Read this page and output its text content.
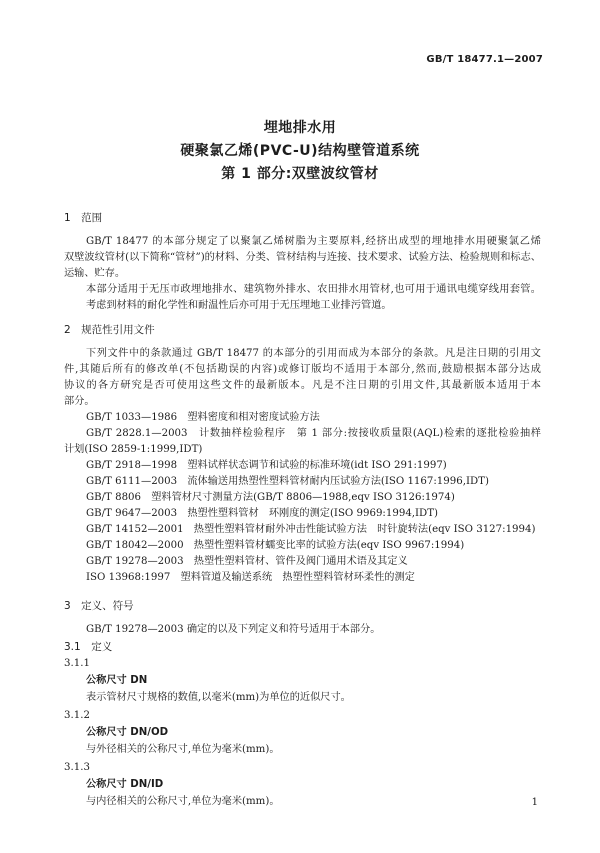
GB/T 18477.1—2007
埋地排水用
硬聚氯乙烯(PVC-U)结构壁管道系统
第 1 部分:双壁波纹管材
1　范围
GB/T 18477 的本部分规定了以聚氯乙烯树脂为主要原料,经挤出成型的埋地排水用硬聚氯乙烯
双壁波纹管材(以下简称“管材”)的材料、分类、管材结构与连接、技术要求、试验方法、检验规则和标志、
运输、贮存。
本部分适用于无压市政埋地排水、建筑物外排水、农田排水用管材,也可用于通讯电缆穿线用套管。
考虑到材料的耐化学性和耐温性后亦可用于无压埋地工业排污管道。
2　规范性引用文件
下列文件中的条款通过 GB/T 18477 的本部分的引用而成为本部分的条款。凡是注日期的引用文
件,其随后所有的修改单(不包括勘误的内容)或修订版均不适用于本部分,然而,鼓励根据本部分达成
协议的各方研究是否可使用这些文件的最新版本。凡是不注日期的引用文件,其最新版本适用于本
部分。
GB/T 1033—1986　塑料密度和相对密度试验方法
GB/T 2828.1—2003　计数抽样检验程序　第 1 部分:按接收质量限(AQL)检索的逐批检验抽样
计划(ISO 2859-1:1999,IDT)
GB/T 2918—1998　塑料试样状态调节和试验的标准环境(idt ISO 291:1997)
GB/T 6111—2003　流体输送用热塑性塑料管材耐内压试验方法(ISO 1167:1996,IDT)
GB/T 8806　塑料管材尺寸测量方法(GB/T 8806—1988,eqv ISO 3126:1974)
GB/T 9647—2003　热塑性塑料管材　环刚度的测定(ISO 9969:1994,IDT)
GB/T 14152—2001　热塑性塑料管材耐外冲击性能试验方法　时针旋转法(eqv ISO 3127:1994)
GB/T 18042—2000　热塑性塑料管材蠕变比率的试验方法(eqv ISO 9967:1994)
GB/T 19278—2003　热塑性塑料管材、管件及阀门通用术语及其定义
ISO 13968:1997　塑料管道及输送系统　热塑性塑料管材环柔性的测定
3　定义、符号
GB/T 19278—2003 确定的以及下列定义和符号适用于本部分。
3.1　定义
3.1.1
公称尺寸 DN
表示管材尺寸规格的数值,以毫米(mm)为单位的近似尺寸。
3.1.2
公称尺寸 DN/OD
与外径相关的公称尺寸,单位为毫米(mm)。
3.1.3
公称尺寸 DN/ID
与内径相关的公称尺寸,单位为毫米(mm)。	1
